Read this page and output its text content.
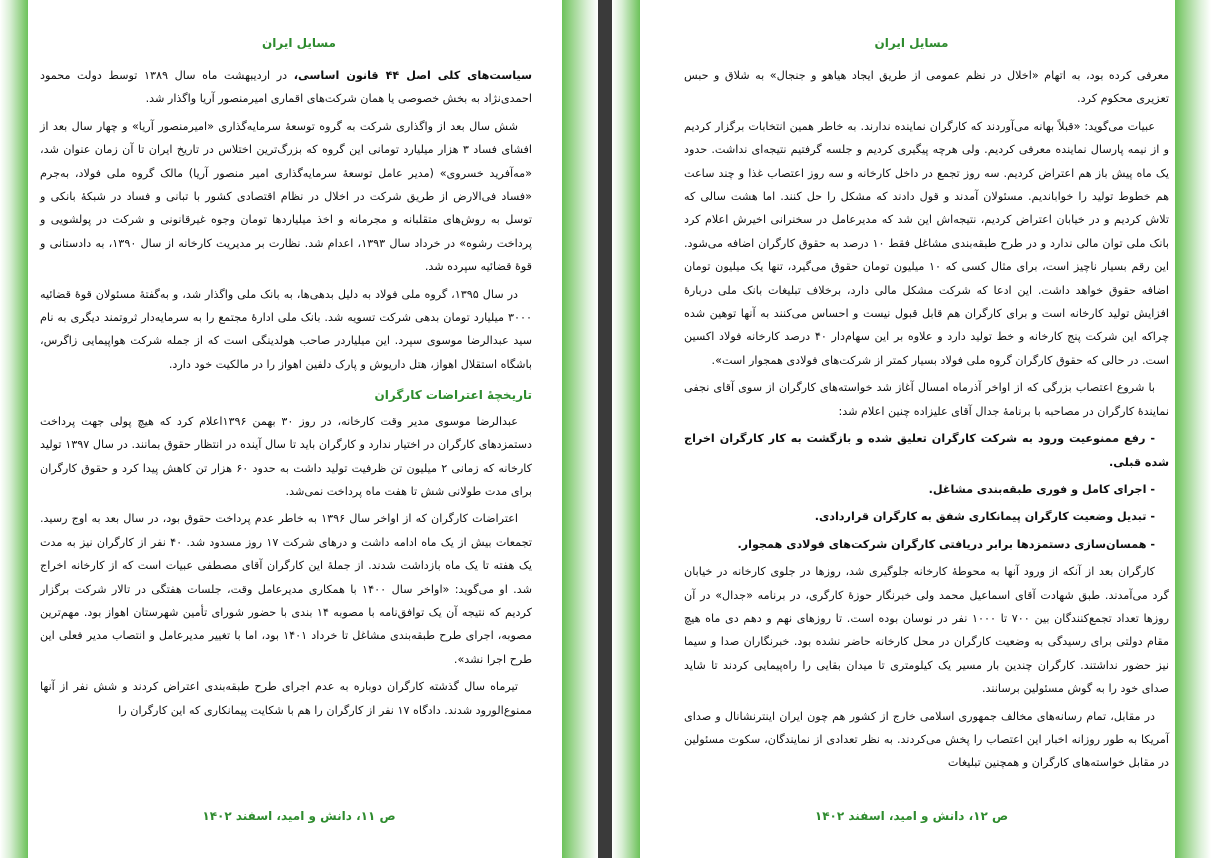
مسایل ایران

سیاست‌های کلی اصل ۴۴ قانون اساسی، در اردیبهشت ماه سال ۱۳۸۹ توسط دولت محمود احمدی‌نژاد به بخش خصوصی یا همان شرکت‌های اقماری امیرمنصور آریا واگذار شد.

شش سال بعد از واگذاری شرکت به گروه توسعهٔ سرمایه‌گذاری «امیرمنصور آریا» و چهار سال بعد از افشای فساد ۳ هزار میلیارد تومانی این گروه که بزرگ‌ترین اختلاس در تاریخ ایران تا آن زمان عنوان شد، «مه‌آفرید خسروی» (مدیر عامل توسعهٔ سرمایه‌گذاری امیر منصور آریا) مالک گروه ملی فولاد، به‌جرم «فساد فی‌الارض از طریق شرکت در اخلال در نظام اقتصادی کشور با تبانی و فساد در شبکهٔ بانکی و توسل به روش‌های متقلبانه و مجرمانه و اخذ میلیاردها تومان وجوه غیرقانونی و شرکت در پولشویی و پرداخت رشوه» در خرداد سال ۱۳۹۳، اعدام شد. نظارت بر مدیریت کارخانه از سال ۱۳۹۰، به دادستانی و قوهٔ قضائیه سپرده شد.

در سال ۱۳۹۵، گروه ملی فولاد به دلیل بدهی‌ها، به بانک ملی واگذار شد، و به‌گفتهٔ مسئولان قوهٔ قضائیه ۳۰۰۰ میلیارد تومان بدهی شرکت تسویه شد. بانک ملی ادارهٔ مجتمع را به سرمایه‌دار ثروتمند دیگری به نام سید عبدالرضا موسوی سپرد. این میلیاردر صاحب هولدینگی است که از جمله شرکت هواپیمایی زاگرس، باشگاه استقلال اهواز، هتل داریوش و پارک دلفین اهواز را در مالکیت خود دارد.

تاریخچهٔ اعتراضات کارگران

عبدالرضا موسوی مدیر وقت کارخانه، در روز ۳۰ بهمن ۱۳۹۶اعلام کرد که هیچ پولی جهت پرداخت دستمزدهای کارگران در اختیار ندارد و کارگران باید تا سال آینده در انتظار حقوق بمانند. در سال ۱۳۹۷ تولید کارخانه که زمانی ۲ میلیون تن ظرفیت تولید داشت به حدود ۶۰ هزار تن کاهش پیدا کرد و حقوق کارگران برای مدت طولانی شش تا هفت ماه پرداخت نمی‌شد.

اعتراضات کارگران که از اواخر سال ۱۳۹۶ به خاطر عدم پرداخت حقوق بود، در سال بعد به اوج رسید. تجمعات بیش از یک ماه ادامه داشت و درهای شرکت ۱۷ روز مسدود شد. ۴۰ نفر از کارگران نیز به مدت یک هفته تا یک ماه بازداشت شدند. از جملهٔ این کارگران آقای مصطفی عبیات است که از کارخانه اخراج شد. او می‌گوید: «اواخر سال ۱۴۰۰ با همکاری مدیرعامل وقت، جلسات هفتگی در تالار شرکت برگزار کردیم که نتیجه آن یک توافق‌نامه با مصوبه ۱۴ بندی با حضور شورای تأمین شهرستان اهواز بود. مهم‌ترین مصوبه، اجرای طرح طبقه‌بندی مشاغل تا خرداد ۱۴۰۱ بود، اما با تغییر مدیرعامل و انتصاب مدیر فعلی این طرح اجرا نشد».

تیرماه سال گذشته کارگران دوباره به عدم اجرای طرح طبقه‌بندی اعتراض کردند و شش نفر از آنها ممنوع‌الورود شدند. دادگاه ۱۷ نفر از کارگران را هم با شکایت پیمانکاری که این کارگران را

ص ۱۱، دانش و امید، اسفند ۱۴۰۲
مسایل ایران

معرفی کرده بود، به اتهام «اخلال در نظم عمومی از طریق ایجاد هیاهو و جنجال» به شلاق و حبس تعزیری محکوم کرد.

عبیات می‌گوید: «قبلاً بهانه می‌آوردند که کارگران نماینده ندارند. به خاطر همین انتخابات برگزار کردیم و از نیمه پارسال نماینده معرفی کردیم. ولی هرچه پیگیری کردیم و جلسه گرفتیم نتیجه‌ای نداشت. حدود یک ماه پیش باز هم اعتراض کردیم. سه روز تجمع در داخل کارخانه و سه روز اعتصاب غذا و چند ساعت هم خطوط تولید را خواباندیم. مسئولان آمدند و قول دادند که مشکل را حل کنند. اما هشت سالی که تلاش کردیم و در خیابان اعتراض کردیم، نتیجه‌اش این شد که مدیرعامل در سخنرانی اخیرش اعلام کرد بانک ملی توان مالی ندارد و در طرح طبقه‌بندی مشاغل فقط ۱۰ درصد به حقوق کارگران اضافه می‌شود. این رقم بسیار ناچیز است، برای مثال کسی که ۱۰ میلیون تومان حقوق می‌گیرد، تنها یک میلیون تومان اضافه حقوق خواهد داشت. این ادعا که شرکت مشکل مالی دارد، برخلاف تبلیغات بانک ملی دربارهٔ افزایش تولید کارخانه است و برای کارگران هم قابل قبول نیست و احساس می‌کنند به آنها توهین شده چراکه این شرکت پنج کارخانه و خط تولید دارد و علاوه بر این سهام‌دار ۴۰ درصد کارخانه فولاد اکسین است. در حالی که حقوق کارگران گروه ملی فولاد بسیار کمتر از شرکت‌های فولادی همجوار است».

با شروع اعتصاب بزرگی که از اواخر آذرماه امسال آغاز شد خواسته‌های کارگران از سوی آقای نجفی نمایندهٔ کارگران در مصاحبه با برنامهٔ جدال آقای علیزاده چنین اعلام شد:

- رفع ممنوعیت ورود به شرکت کارگران تعلیق شده و بازگشت به کار کارگران اخراج شده قبلی.

- اجرای کامل و فوری طبقه‌بندی مشاغل.

- تبدیل وضعیت کارگران پیمانکاری شفق به کارگران قراردادی.

- همسان‌سازی دستمزدها برابر دریافتی کارگران شرکت‌های فولادی همجوار.

کارگران بعد از آنکه از ورود آنها به محوطهٔ کارخانه جلوگیری شد، روزها در جلوی کارخانه در خیابان گرد می‌آمدند. طبق شهادت آقای اسماعیل محمد ولی خبرنگار حوزهٔ کارگری، در برنامه «جدال» در آن روزها تعداد تجمع‌کنندگان بین ۷۰۰ تا ۱۰۰۰ نفر در نوسان بوده است. تا روزهای نهم و دهم دی ماه هیچ مقام دولتی برای رسیدگی به وضعیت کارگران در محل کارخانه حاضر نشده بود. خبرنگاران صدا و سیما نیز حضور نداشتند. کارگران چندین بار مسیر یک کیلومتری تا میدان بقایی را راه‌پیمایی کردند تا شاید صدای خود را به گوش مسئولین برسانند.

در مقابل، تمام رسانه‌های مخالف جمهوری اسلامی خارج از کشور هم چون ایران اینترنشانال و صدای آمریکا به طور روزانه اخبار این اعتصاب را پخش می‌کردند. به نظر تعدادی از نمایندگان، سکوت مسئولین در مقابل خواسته‌های کارگران و همچنین تبلیغات

ص ۱۲، دانش و امید، اسفند ۱۴۰۲
